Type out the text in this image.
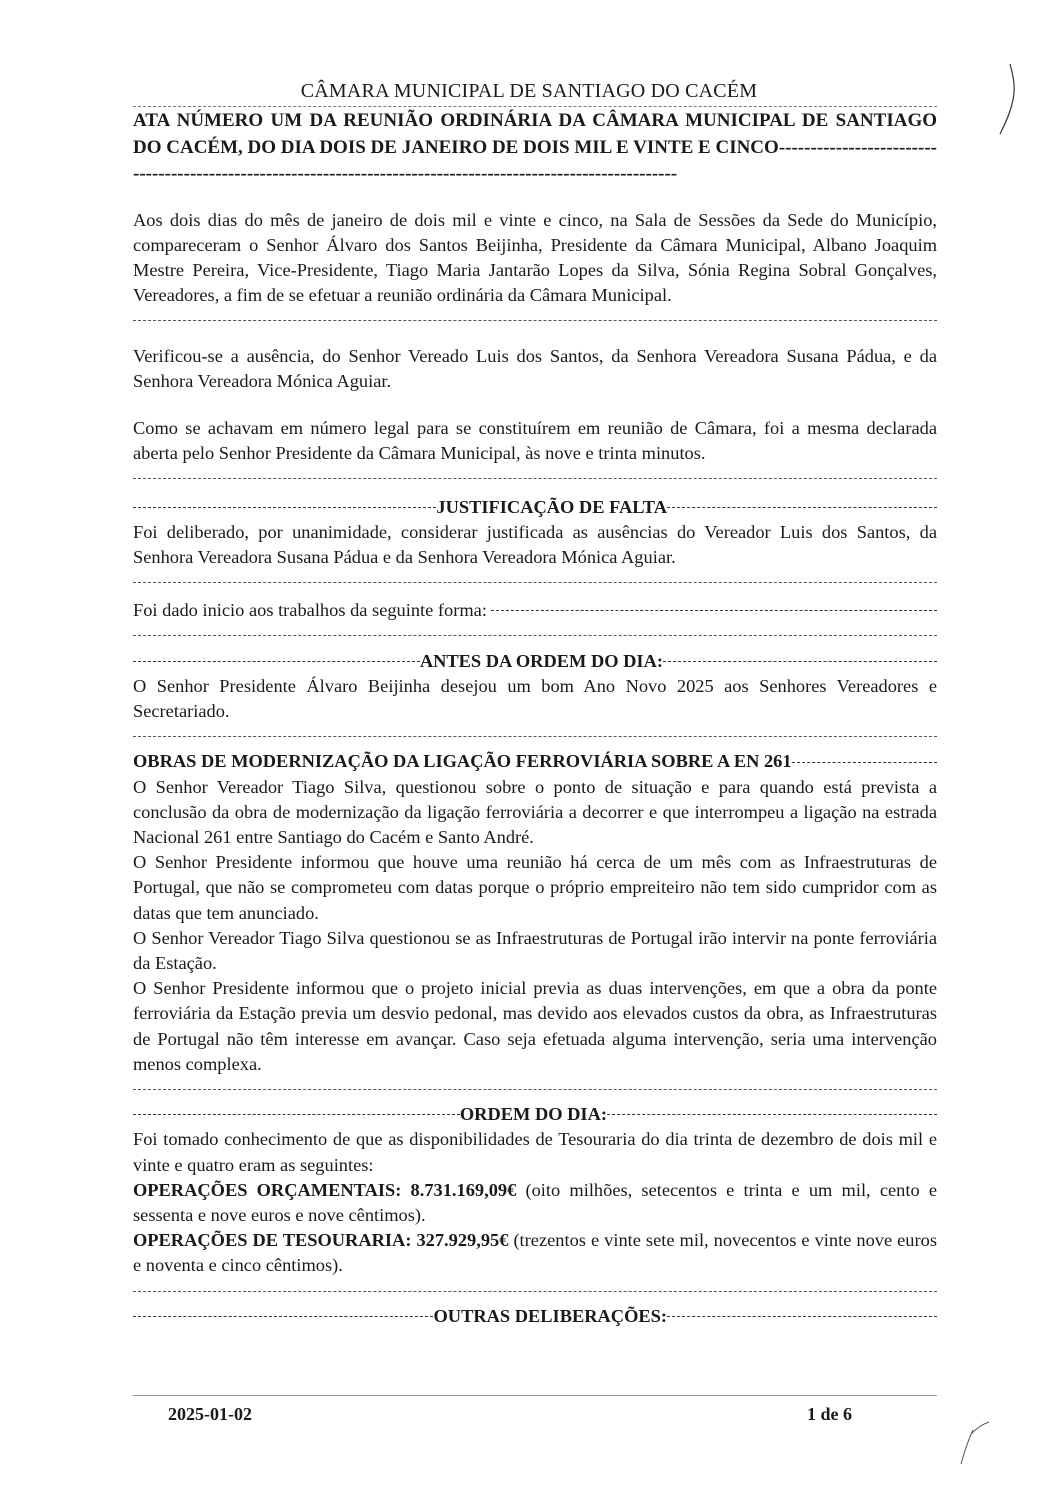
CÂMARA MUNICIPAL DE SANTIAGO DO CACÉM
ATA NÚMERO UM DA REUNIÃO ORDINÁRIA DA CÂMARA MUNICIPAL DE SANTIAGO DO CACÉM, DO DIA DOIS DE JANEIRO DE DOIS MIL E VINTE E CINCO---------------------------------------------------------------------------------------------------------------

Aos dois dias do mês de janeiro de dois mil e vinte e cinco, na Sala de Sessões da Sede do Município, compareceram o Senhor Álvaro dos Santos Beijinha, Presidente da Câmara Municipal, Albano Joaquim Mestre Pereira, Vice-Presidente, Tiago Maria Jantarão Lopes da Silva, Sónia Regina Sobral Gonçalves, Vereadores, a fim de se efetuar a reunião ordinária da Câmara Municipal.

Verificou-se a ausência, do Senhor Vereado Luis dos Santos, da Senhora Vereadora Susana Pádua, e da Senhora Vereadora Mónica Aguiar.

Como se achavam em número legal para se constituírem em reunião de Câmara, foi a mesma declarada aberta pelo Senhor Presidente da Câmara Municipal, às nove e trinta minutos.

JUSTIFICAÇÃO DE FALTA

Foi deliberado, por unanimidade, considerar justificada as ausências do Vereador Luis dos Santos, da Senhora Vereadora Susana Pádua e da Senhora Vereadora Mónica Aguiar.

Foi dado inicio aos trabalhos da seguinte forma:
ANTES DA ORDEM DO DIA:

O Senhor Presidente Álvaro Beijinha desejou um bom Ano Novo 2025 aos Senhores Vereadores e Secretariado.

OBRAS DE MODERNIZAÇÃO DA LIGAÇÃO FERROVIÁRIA SOBRE A EN 261

O Senhor Vereador Tiago Silva, questionou sobre o ponto de situação e para quando está prevista a conclusão da obra de modernização da ligação ferroviária a decorrer e que interrompeu a ligação na estrada Nacional 261 entre Santiago do Cacém e Santo André.

O Senhor Presidente informou que houve uma reunião há cerca de um mês com as Infraestruturas de Portugal, que não se comprometeu com datas porque o próprio empreiteiro não tem sido cumpridor com as datas que tem anunciado.

O Senhor Vereador Tiago Silva questionou se as Infraestruturas de Portugal irão intervir na ponte ferroviária da Estação.

O Senhor Presidente informou que o projeto inicial previa as duas intervenções, em que a obra da ponte ferroviária da Estação previa um desvio pedonal, mas devido aos elevados custos da obra, as Infraestruturas de Portugal não têm interesse em avançar. Caso seja efetuada alguma intervenção, seria uma intervenção menos complexa.

ORDEM DO DIA:

Foi tomado conhecimento de que as disponibilidades de Tesouraria do dia trinta de dezembro de dois mil e vinte e quatro eram as seguintes:

OPERAÇÕES ORÇAMENTAIS: 8.731.169,09€ (oito milhões, setecentos e trinta e um mil, cento e sessenta e nove euros e nove cêntimos).

OPERAÇÕES DE TESOURARIA: 327.929,95€ (trezentos e vinte sete mil, novecentos e vinte nove euros e noventa e cinco cêntimos).

OUTRAS DELIBERAÇÕES:
2025-01-02	1 de 6
